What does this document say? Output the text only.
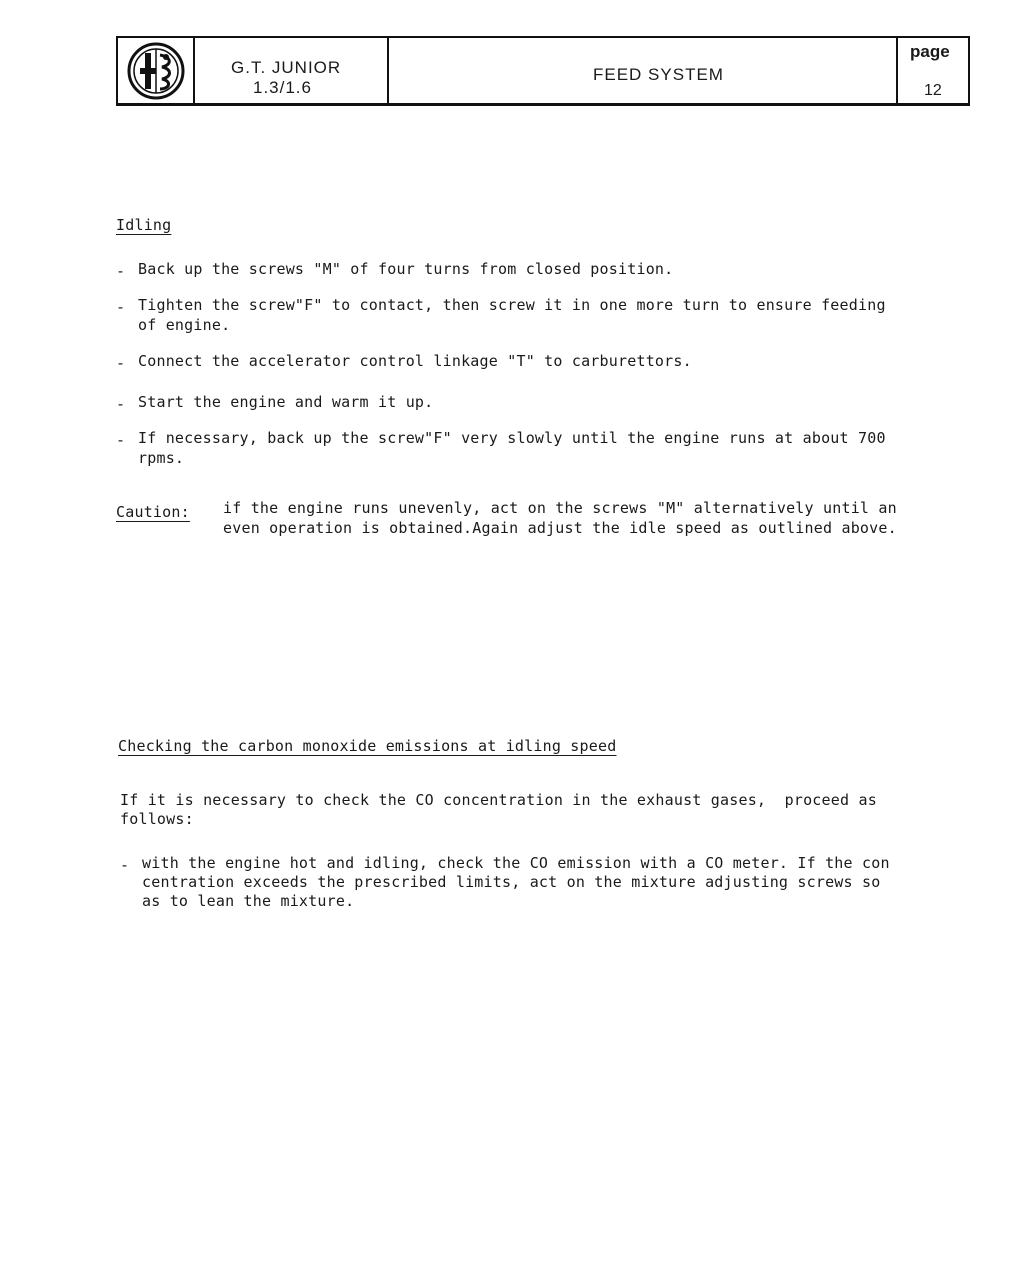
G.T. JUNIOR
1.3/1.6
FEED SYSTEM
page
12
Idling
- Back up the screws "M" of four turns from closed position.
- Tighten the screw"F" to contact, then screw it in one more turn to ensure feeding
of engine.
- Connect the accelerator control linkage "T" to carburettors.
- Start the engine and warm it up.
- If necessary, back up the screw"F" very slowly until the engine runs at about 700
rpms.
Caution: if the engine runs unevenly, act on the screws "M" alternatively until an
even operation is obtained.Again adjust the idle speed as outlined above.
Checking the carbon monoxide emissions at idling speed
If it is necessary to check the CO concentration in the exhaust gases,  proceed as
follows:
- with the engine hot and idling, check the CO emission with a CO meter. If the con
centration exceeds the prescribed limits, act on the mixture adjusting screws so
as to lean the mixture.
